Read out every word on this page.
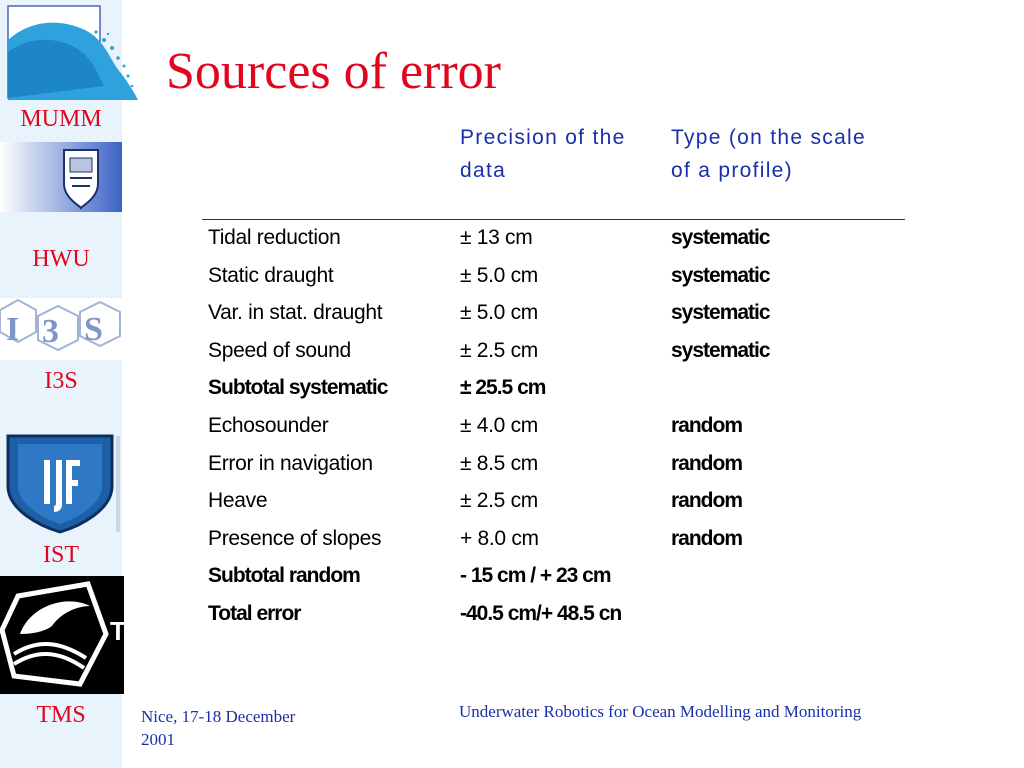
MUMM
HWU
I 3 S
I3S
IST
T
TMS
Sources of error
Precision of the
data
Type (on the scale
of a profile)
Tidal reduction	± 13 cm	systematic
Static draught	± 5.0 cm	systematic
Var. in stat. draught	± 5.0 cm	systematic
Speed of sound	± 2.5 cm	systematic
Subtotal systematic	± 25.5 cm
Echosounder	± 4.0 cm	random
Error in navigation	± 8.5 cm	random
Heave	± 2.5 cm	random
Presence of slopes	+ 8.0 cm	random
Subtotal random	- 15 cm / + 23 cm
Total error	-40.5 cm/+ 48.5 cn
Nice, 17-18 December
2001
Underwater Robotics for Ocean Modelling and Monitoring
